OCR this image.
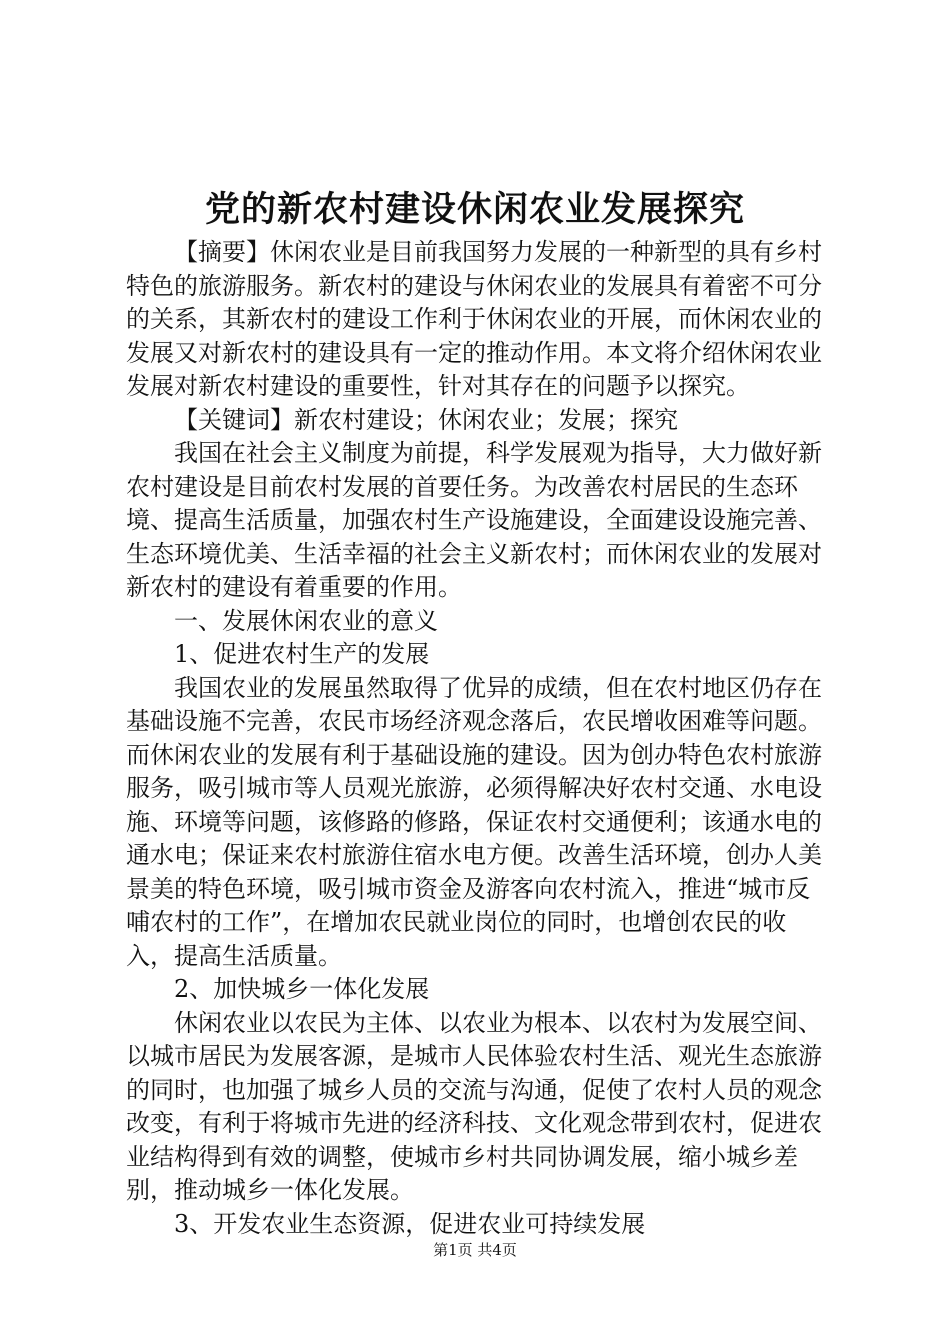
党的新农村建设休闲农业发展探究

【摘要】休闲农业是目前我国努力发展的一种新型的具有乡村特色的旅游服务。新农村的建设与休闲农业的发展具有着密不可分的关系，其新农村的建设工作利于休闲农业的开展，而休闲农业的发展又对新农村的建设具有一定的推动作用。本文将介绍休闲农业发展对新农村建设的重要性，针对其存在的问题予以探究。

【关键词】新农村建设；休闲农业；发展；探究

我国在社会主义制度为前提，科学发展观为指导，大力做好新农村建设是目前农村发展的首要任务。为改善农村居民的生态环境、提高生活质量，加强农村生产设施建设，全面建设设施完善、生态环境优美、生活幸福的社会主义新农村；而休闲农业的发展对新农村的建设有着重要的作用。

一、发展休闲农业的意义

1、促进农村生产的发展

我国农业的发展虽然取得了优异的成绩，但在农村地区仍存在基础设施不完善，农民市场经济观念落后，农民增收困难等问题。而休闲农业的发展有利于基础设施的建设。因为创办特色农村旅游服务，吸引城市等人员观光旅游，必须得解决好农村交通、水电设施、环境等问题，该修路的修路，保证农村交通便利；该通水电的通水电；保证来农村旅游住宿水电方便。改善生活环境，创办人美景美的特色环境，吸引城市资金及游客向农村流入，推进“城市反哺农村的工作”，在增加农民就业岗位的同时，也增创农民的收入，提高生活质量。

2、加快城乡一体化发展

休闲农业以农民为主体、以农业为根本、以农村为发展空间、以城市居民为发展客源，是城市人民体验农村生活、观光生态旅游的同时，也加强了城乡人员的交流与沟通，促使了农村人员的观念改变，有利于将城市先进的经济科技、文化观念带到农村，促进农业结构得到有效的调整，使城市乡村共同协调发展，缩小城乡差别，推动城乡一体化发展。

3、开发农业生态资源，促进农业可持续发展

第1页 共4页
